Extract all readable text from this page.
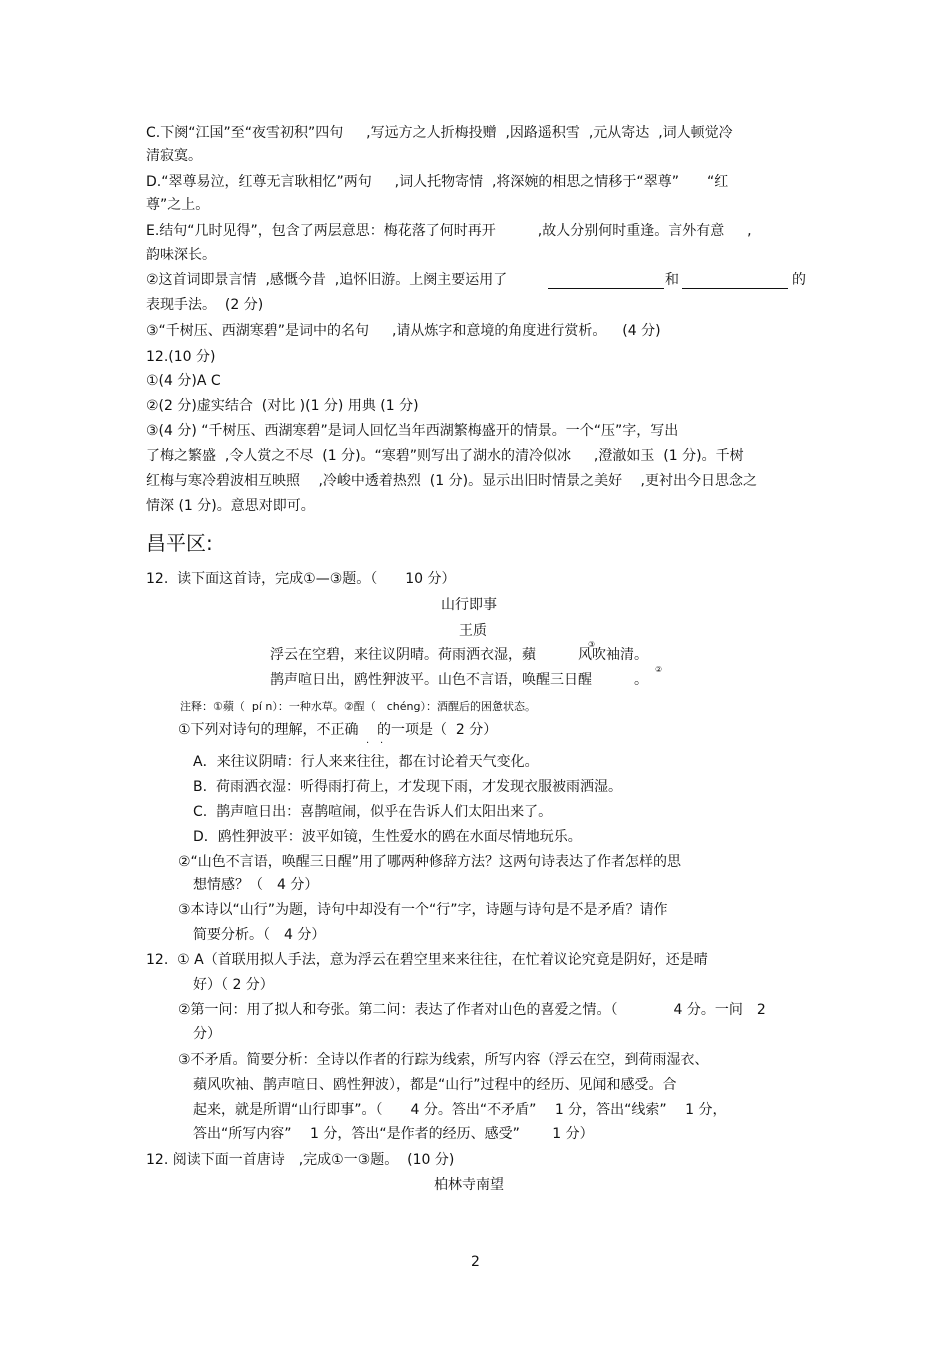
C.下阕“江国”至“夜雪初积”四句　  ,写远方之人折梅投赠  ,因路遥积雪  ,元从寄达  ,词人顿觉冷
清寂寞。
D.“翠尊易泣，红尊无言耿相忆”两句　  ,词人托物寄情  ,将深婉的相思之情移于“翠尊”　　“红
尊”之上。
E.结句“几时见得”，包含了两层意思：梅花落了何时再开　　　,故人分别何时重逢。言外有意　  ,
韵味深长。
②这首词即景言情  ,感慨今昔  ,追怀旧游。上阕主要运用了	和	的
表现手法。  (2 分)
③“千树压、西湖寒碧”是词中的名句　  ,请从炼字和意境的角度进行赏析。　  (4 分)
12.(10 分)
①(4 分)A C
②(2 分)虚实结合  (对比 )(1 分) 用典 (1 分)
③(4 分) “千树压、西湖寒碧”是词人回忆当年西湖繁梅盛开的情景。一个“压”字，写出
了梅之繁盛  ,令人赏之不尽  (1 分)。“寒碧”则写出了湖水的清冷似冰　  ,澄澈如玉  (1 分)。千树
红梅与寒冷碧波相互映照　 ,冷峻中透着热烈  (1 分)。显示出旧时情景之美好　 ,更衬出今日思念之
情深 (1 分)。意思对即可。
昌平区:
12.  读下面这首诗，完成①—③题。（　　10 分）
山行即事
王质
浮云在空碧，来往议阴晴。荷雨洒衣湿，蘋　　　风吹袖清。
③
鹊声喧日出，鸥性狎波平。山色不言语，唤醒三日醒　　　。
②
注释：①蘋（  pí n）：一种水草。②酲（　chéng）：酒醒后的困惫状态。
①下列对诗句的理解，不正确　 的一项是（  2 分）
· ·
A．来往议阴晴：行人来来往往，都在讨论着天气变化。
B.  荷雨洒衣湿：听得雨打荷上，才发现下雨，才发现衣服被雨洒湿。
C.  鹊声喧日出：喜鹊喧闹，似乎在告诉人们太阳出来了。
D．鸥性狎波平：波平如镜，生性爱水的鸥在水面尽情地玩乐。
②“山色不言语，唤醒三日醒”用了哪两种修辞方法？这两句诗表达了作者怎样的思
想情感？（　4 分）
③本诗以“山行”为题，诗句中却没有一个“行”字，诗题与诗句是不是矛盾？请作
简要分析。（　4 分）
12.  ① A（首联用拟人手法，意为浮云在碧空里来来往往，在忙着议论究竟是阴好，还是晴
好）（ 2 分）
②第一问：用了拟人和夸张。第二问：表达了作者对山色的喜爱之情。（　　　　4 分。一问　2
分）
③不矛盾。简要分析：全诗以作者的行踪为线索，所写内容（浮云在空，到荷雨湿衣、
蘋风吹袖、鹊声喧日、鸥性狎波），都是“山行”过程中的经历、见闻和感受。合
起来，就是所谓“山行即事”。（　　4 分。答出“不矛盾”　 1 分，答出“线索”　 1 分，
答出“所写内容”　 1 分，答出“是作者的经历、感受”　　 1 分）
12. 阅读下面一首唐诗　,完成①一③题。  (10 分)
柏林寺南望
2
